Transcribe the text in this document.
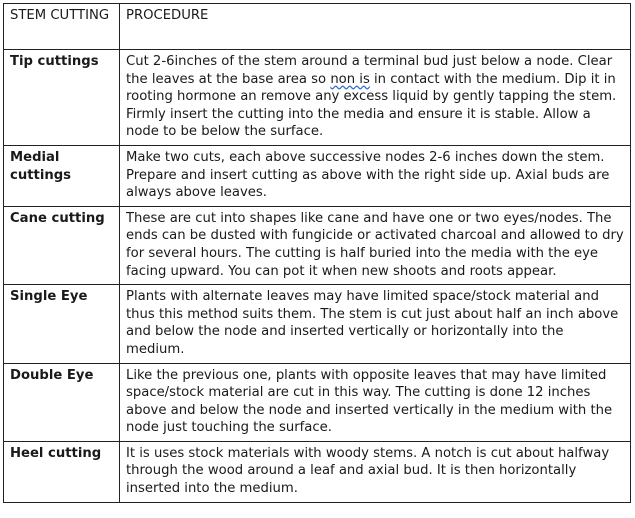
STEM CUTTING	PROCEDURE
Tip cuttings	Cut 2-6inches of the stem around a terminal bud just below a node. Clear the leaves at the base area so non is in contact with the medium. Dip it in rooting hormone an remove any excess liquid by gently tapping the stem. Firmly insert the cutting into the media and ensure it is stable. Allow a node to be below the surface.
Medial cuttings	Make two cuts, each above successive nodes 2-6 inches down the stem. Prepare and insert cutting as above with the right side up. Axial buds are always above leaves.
Cane cutting	These are cut into shapes like cane and have one or two eyes/nodes. The ends can be dusted with fungicide or activated charcoal and allowed to dry for several hours. The cutting is half buried into the media with the eye facing upward. You can pot it when new shoots and roots appear.
Single Eye	Plants with alternate leaves may have limited space/stock material and thus this method suits them. The stem is cut just about half an inch above and below the node and inserted vertically or horizontally into the medium.
Double Eye	Like the previous one, plants with opposite leaves that may have limited space/stock material are cut in this way. The cutting is done 12 inches above and below the node and inserted vertically in the medium with the node just touching the surface.
Heel cutting	It is uses stock materials with woody stems. A notch is cut about halfway through the wood around a leaf and axial bud. It is then horizontally inserted into the medium.
